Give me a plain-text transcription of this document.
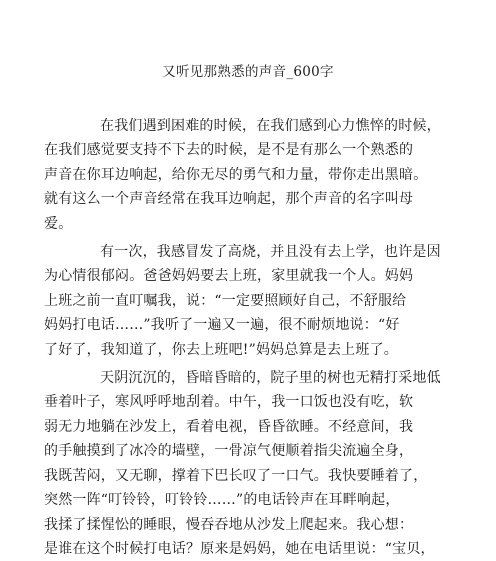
又听见那熟悉的声音_600字

在我们遇到困难的时候，在我们感到心力憔悴的时候，
在我们感觉要支持不下去的时候，是不是有那么一个熟悉的
声音在你耳边响起，给你无尽的勇气和力量，带你走出黑暗。
就有这么一个声音经常在我耳边响起，那个声音的名字叫母
爱。

有一次，我感冒发了高烧，并且没有去上学，也许是因
为心情很郁闷。爸爸妈妈要去上班，家里就我一个人。妈妈
上班之前一直叮嘱我，说：“一定要照顾好自己，不舒服给
妈妈打电话……”我听了一遍又一遍，很不耐烦地说：“好
了好了，我知道了，你去上班吧!”妈妈总算是去上班了。

天阴沉沉的，昏暗昏暗的，院子里的树也无精打采地低
垂着叶子，寒风呼呼地刮着。中午，我一口饭也没有吃，软
弱无力地躺在沙发上，看着电视，昏昏欲睡。不经意间，我
的手触摸到了冰冷的墙壁，一骨凉气便顺着指尖流遍全身，
我既苦闷，又无聊，撑着下巴长叹了一口气。我快要睡着了，
突然一阵“叮铃铃，叮铃铃……”的电话铃声在耳畔响起，
我揉了揉惺忪的睡眼，慢吞吞地从沙发上爬起来。我心想：
是谁在这个时候打电话？原来是妈妈，她在电话里说：“宝贝，
